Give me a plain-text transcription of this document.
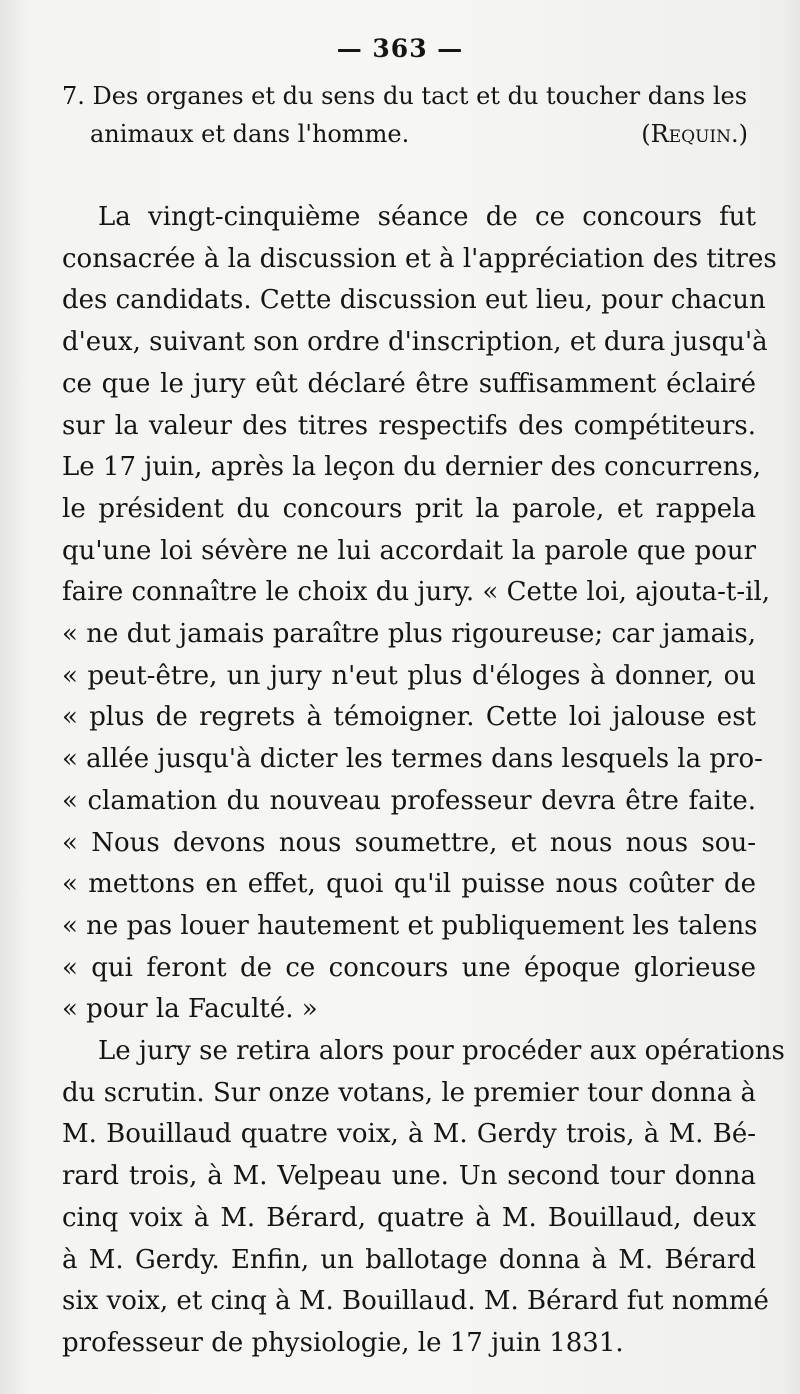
— 363 —
7. Des organes et du sens du tact et du toucher dans les
animaux et dans l'homme.	(Requin.)
La vingt-cinquième séance de ce concours fut
consacrée à la discussion et à l'appréciation des titres
des candidats. Cette discussion eut lieu, pour chacun
d'eux, suivant son ordre d'inscription, et dura jusqu'à
ce que le jury eût déclaré être suffisamment éclairé
sur la valeur des titres respectifs des compétiteurs.
Le 17 juin, après la leçon du dernier des concurrens,
le président du concours prit la parole, et rappela
qu'une loi sévère ne lui accordait la parole que pour
faire connaître le choix du jury. « Cette loi, ajouta-t-il,
« ne dut jamais paraître plus rigoureuse; car jamais,
« peut-être, un jury n'eut plus d'éloges à donner, ou
« plus de regrets à témoigner. Cette loi jalouse est
« allée jusqu'à dicter les termes dans lesquels la pro-
« clamation du nouveau professeur devra être faite.
« Nous devons nous soumettre, et nous nous sou-
« mettons en effet, quoi qu'il puisse nous coûter de
« ne pas louer hautement et publiquement les talens
« qui feront de ce concours une époque glorieuse
« pour la Faculté. »
Le jury se retira alors pour procéder aux opérations
du scrutin. Sur onze votans, le premier tour donna à
M. Bouillaud quatre voix, à M. Gerdy trois, à M. Bé-
rard trois, à M. Velpeau une. Un second tour donna
cinq voix à M. Bérard, quatre à M. Bouillaud, deux
à M. Gerdy. Enfin, un ballotage donna à M. Bérard
six voix, et cinq à M. Bouillaud. M. Bérard fut nommé
professeur de physiologie, le 17 juin 1831.
